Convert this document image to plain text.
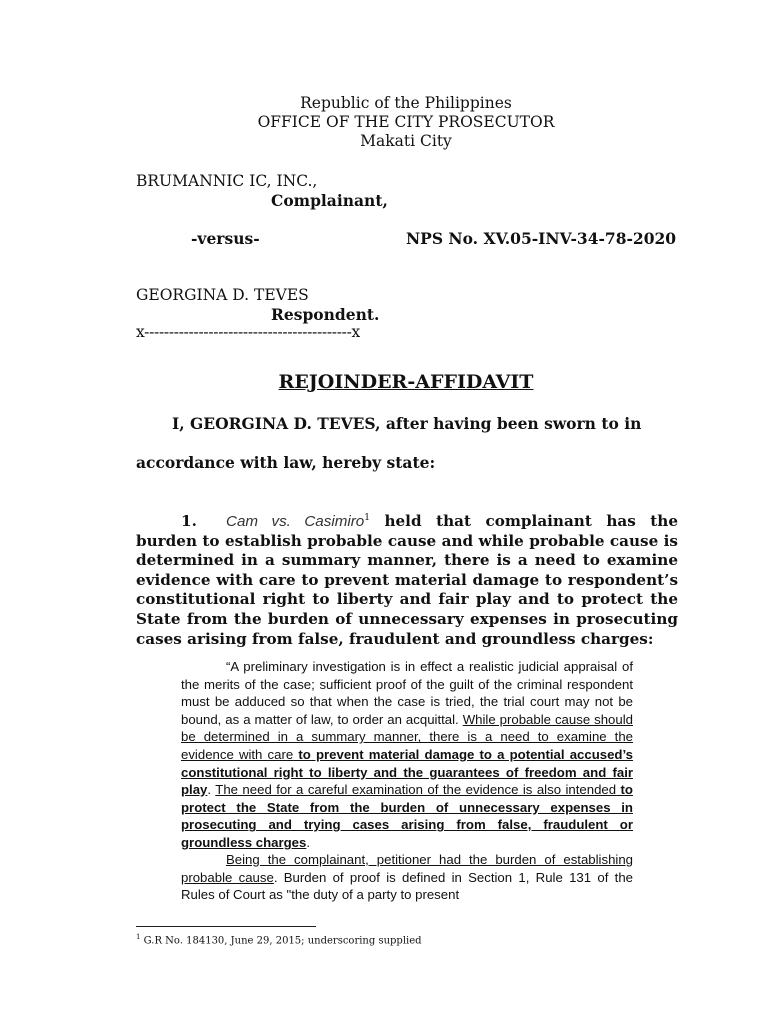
Republic of the Philippines
OFFICE OF THE CITY PROSECUTOR
Makati City
BRUMANNIC IC, INC.,
Complainant,
-versus-	NPS No. XV.05-INV-34-78-2020
GEORGINA D. TEVES
Respondent.
x------------------------------------------x
REJOINDER-AFFIDAVIT
I, GEORGINA D. TEVES, after having been sworn to in
accordance with law, hereby state:
1. Cam vs. Casimiro$^1$ held that complainant has the burden to establish probable cause and while probable cause is determined in a summary manner, there is a need to examine evidence with care to prevent material damage to respondent’s constitutional right to liberty and fair play and to protect the State from the burden of unnecessary expenses in prosecuting cases arising from false, fraudulent and groundless charges:
“A preliminary investigation is in effect a realistic judicial appraisal of the merits of the case; sufficient proof of the guilt of the criminal respondent must be adduced so that when the case is tried, the trial court may not be bound, as a matter of law, to order an acquittal. While probable cause should be determined in a summary manner, there is a need to examine the evidence with care to prevent material damage to a potential accused’s constitutional right to liberty and the guarantees of freedom and fair play. The need for a careful examination of the evidence is also intended to protect the State from the burden of unnecessary expenses in prosecuting and trying cases arising from false, fraudulent or groundless charges.
Being the complainant, petitioner had the burden of establishing probable cause. Burden of proof is defined in Section 1, Rule 131 of the Rules of Court as "the duty of a party to present
$^1$ G.R No. 184130, June 29, 2015; underscoring supplied
